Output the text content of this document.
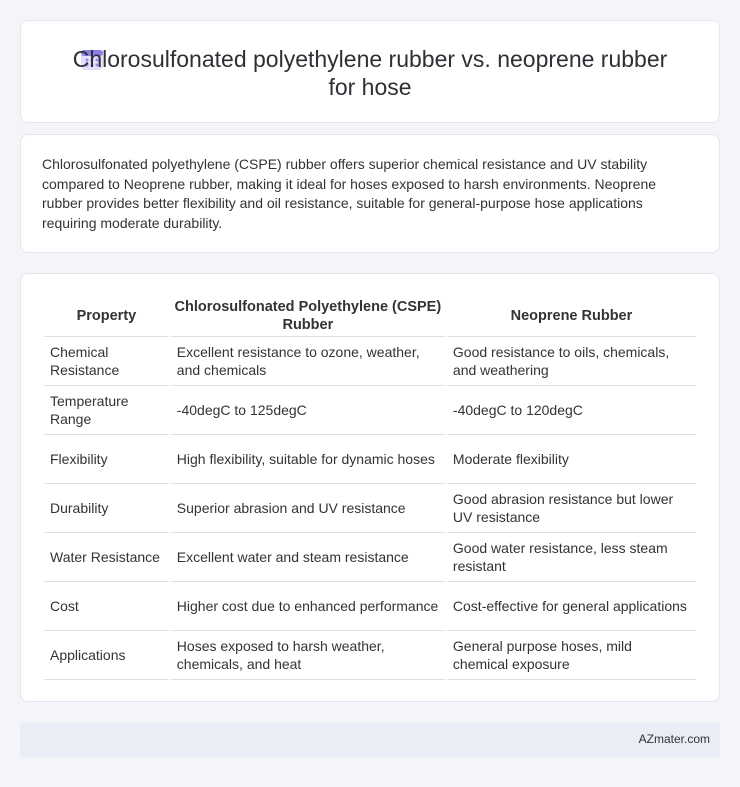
Chlorosulfonated polyethylene rubber vs. neoprene rubber for hose

Chlorosulfonated polyethylene (CSPE) rubber offers superior chemical resistance and UV stability compared to Neoprene rubber, making it ideal for hoses exposed to harsh environments. Neoprene rubber provides better flexibility and oil resistance, suitable for general-purpose hose applications requiring moderate durability.

Property	Chlorosulfonated Polyethylene (CSPE) Rubber	Neoprene Rubber
Chemical Resistance	Excellent resistance to ozone, weather, and chemicals	Good resistance to oils, chemicals, and weathering
Temperature Range	-40degC to 125degC	-40degC to 120degC
Flexibility	High flexibility, suitable for dynamic hoses	Moderate flexibility
Durability	Superior abrasion and UV resistance	Good abrasion resistance but lower UV resistance
Water Resistance	Excellent water and steam resistance	Good water resistance, less steam resistant
Cost	Higher cost due to enhanced performance	Cost-effective for general applications
Applications	Hoses exposed to harsh weather, chemicals, and heat	General purpose hoses, mild chemical exposure
AZmater.com
